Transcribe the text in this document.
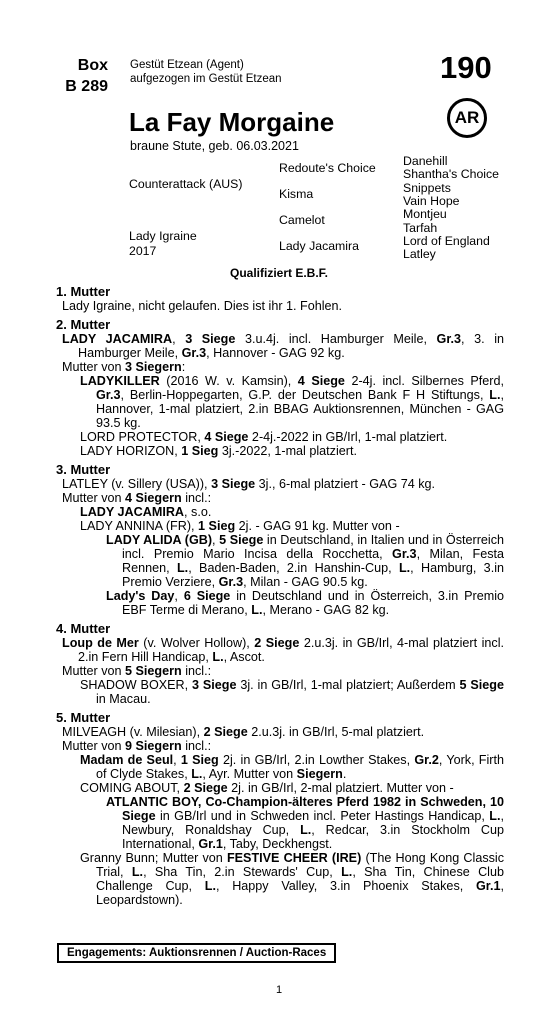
Box
B 289
Gestüt Etzean (Agent)
aufgezogen im Gestüt Etzean	190
AR
La Fay Morgaine
braune Stute, geb. 06.03.2021
Counterattack (AUS)
Lady Igraine
2017
Redoute's Choice
Kisma
Camelot
Lady Jacamira
Danehill
Shantha's Choice
Snippets
Vain Hope
Montjeu
Tarfah
Lord of England
Latley
Qualifiziert E.B.F.
1. Mutter

Lady Igraine, nicht gelaufen. Dies ist ihr 1. Fohlen.

2. Mutter

LADY JACAMIRA, 3 Siege 3.u.4j. incl. Hamburger Meile, Gr.3, 3. in Hamburger Meile, Gr.3, Hannover - GAG 92 kg.

Mutter von 3 Siegern:

LADYKILLER (2016 W. v. Kamsin), 4 Siege 2-4j. incl. Silbernes Pferd, Gr.3, Berlin-Hoppegarten, G.P. der Deutschen Bank F H Stiftungs, L., Hannover, 1-mal platziert, 2.in BBAG Auktionsrennen, München - GAG 93.5 kg.

LORD PROTECTOR, 4 Siege 2-4j.-2022 in GB/Irl, 1-mal platziert.

LADY HORIZON, 1 Sieg 3j.-2022, 1-mal platziert.

3. Mutter

LATLEY (v. Sillery (USA)), 3 Siege 3j., 6-mal platziert - GAG 74 kg.

Mutter von 4 Siegern incl.:

LADY JACAMIRA, s.o.

LADY ANNINA (FR), 1 Sieg 2j. - GAG 91 kg. Mutter von -

LADY ALIDA (GB), 5 Siege in Deutschland, in Italien und in Österreich incl. Premio Mario Incisa della Rocchetta, Gr.3, Milan, Festa Rennen, L., Baden-Baden, 2.in Hanshin-Cup, L., Hamburg, 3.in Premio Verziere, Gr.3, Milan - GAG 90.5 kg.

Lady's Day, 6 Siege in Deutschland und in Österreich, 3.in Premio EBF Terme di Merano, L., Merano - GAG 82 kg.

4. Mutter

Loup de Mer (v. Wolver Hollow), 2 Siege 2.u.3j. in GB/Irl, 4-mal platziert incl. 2.in Fern Hill Handicap, L., Ascot.

Mutter von 5 Siegern incl.:

SHADOW BOXER, 3 Siege 3j. in GB/Irl, 1-mal platziert; Außerdem 5 Siege in Macau.

5. Mutter

MILVEAGH (v. Milesian), 2 Siege 2.u.3j. in GB/Irl, 5-mal platziert.

Mutter von 9 Siegern incl.:

Madam de Seul, 1 Sieg 2j. in GB/Irl, 2.in Lowther Stakes, Gr.2, York, Firth of Clyde Stakes, L., Ayr. Mutter von Siegern.

COMING ABOUT, 2 Siege 2j. in GB/Irl, 2-mal platziert. Mutter von -

ATLANTIC BOY, Co-Champion-älteres Pferd 1982 in Schweden, 10 Siege in GB/Irl und in Schweden incl. Peter Hastings Handicap, L., Newbury, Ronaldshay Cup, L., Redcar, 3.in Stockholm Cup International, Gr.1, Taby, Deckhengst.

Granny Bunn; Mutter von FESTIVE CHEER (IRE) (The Hong Kong Classic Trial, L., Sha Tin, 2.in Stewards' Cup, L., Sha Tin, Chinese Club Challenge Cup, L., Happy Valley, 3.in Phoenix Stakes, Gr.1, Leopardstown).

Engagements: Auktionsrennen / Auction-Races
1
